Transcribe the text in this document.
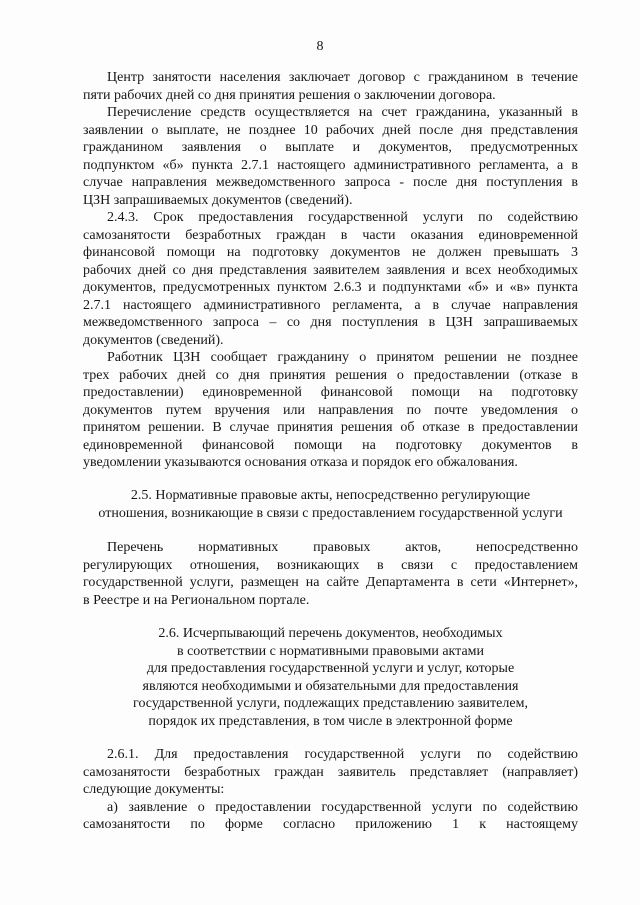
8
Центр занятости населения заключает договор с гражданином в течение
пяти рабочих дней со дня принятия решения о заключении договора.
Перечисление средств осуществляется на счет гражданина, указанный в
заявлении о выплате, не позднее 10 рабочих дней после дня представления
гражданином заявления о выплате и документов, предусмотренных
подпунктом «б» пункта 2.7.1 настоящего административного регламента, а в
случае направления межведомственного запроса - после дня поступления в
ЦЗН запрашиваемых документов (сведений).
2.4.3. Срок предоставления государственной услуги по содействию
самозанятости безработных граждан в части оказания единовременной
финансовой помощи на подготовку документов не должен превышать 3
рабочих дней со дня представления заявителем заявления и всех необходимых
документов, предусмотренных пунктом 2.6.3 и подпунктами «б» и «в» пункта
2.7.1 настоящего административного регламента, а в случае направления
межведомственного запроса – со дня поступления в ЦЗН запрашиваемых
документов (сведений).
Работник ЦЗН сообщает гражданину о принятом решении не позднее
трех рабочих дней со дня принятия решения о предоставлении (отказе в
предоставлении) единовременной финансовой помощи на подготовку
документов путем вручения или направления по почте уведомления о
принятом решении. В случае принятия решения об отказе в предоставлении
единовременной финансовой помощи на подготовку документов в
уведомлении указываются основания отказа и порядок его обжалования.
2.5. Нормативные правовые акты, непосредственно регулирующие
отношения, возникающие в связи с предоставлением государственной услуги
Перечень нормативных правовых актов, непосредственно
регулирующих отношения, возникающих в связи с предоставлением
государственной услуги, размещен на сайте Департамента в сети «Интернет»,
в Реестре и на Региональном портале.
2.6. Исчерпывающий перечень документов, необходимых
в соответствии с нормативными правовыми актами
для предоставления государственной услуги и услуг, которые
являются необходимыми и обязательными для предоставления
государственной услуги, подлежащих представлению заявителем,
порядок их представления, в том числе в электронной форме
2.6.1. Для предоставления государственной услуги по содействию
самозанятости безработных граждан заявитель представляет (направляет)
следующие документы:
а) заявление о предоставлении государственной услуги по содействию
самозанятости по форме согласно приложению 1 к настоящему
